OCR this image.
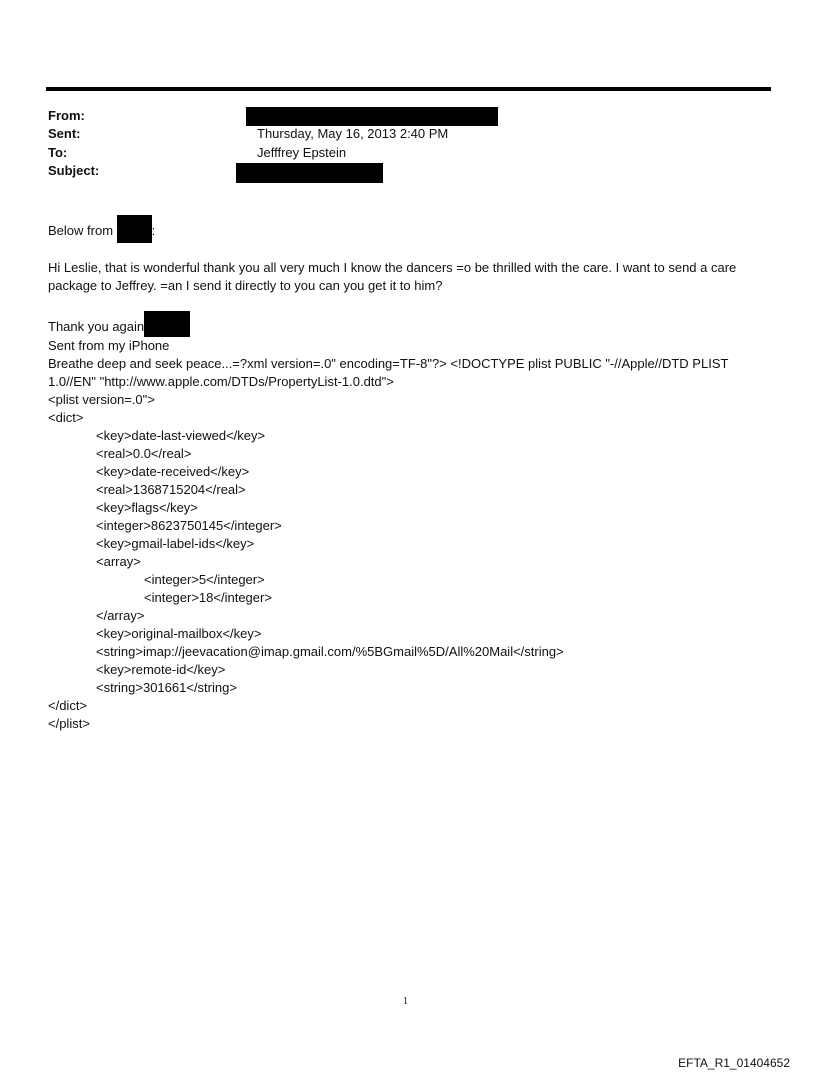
From:
Sent:	Thursday, May 16, 2013 2:40 PM
To:	Jefffrey Epstein
Subject:

Below from	:

Hi Leslie, that is wonderful thank you all very much I know the dancers =o be thrilled with the care. I want to send a care package to Jeffrey. =an I send it directly to you can you get it to him?

Thank you again

Sent from my iPhone

Breathe deep and seek peace...=?xml version=.0" encoding=TF-8"?> <!DOCTYPE plist PUBLIC "-//Apple//DTD PLIST 1.0//EN" "http://www.apple.com/DTDs/PropertyList-1.0.dtd">

<plist version=.0">

<dict>

<key>date-last-viewed</key>

<real>0.0</real>

<key>date-received</key>

<real>1368715204</real>

<key>flags</key>

<integer>8623750145</integer>

<key>gmail-label-ids</key>

<array>

<integer>5</integer>

<integer>18</integer>

</array>

<key>original-mailbox</key>

<string>imap://jeevacation@imap.gmail.com/%5BGmail%5D/All%20Mail</string>

<key>remote-id</key>

<string>301661</string>

</dict>

</plist>

1
EFTA_R1_01404652
